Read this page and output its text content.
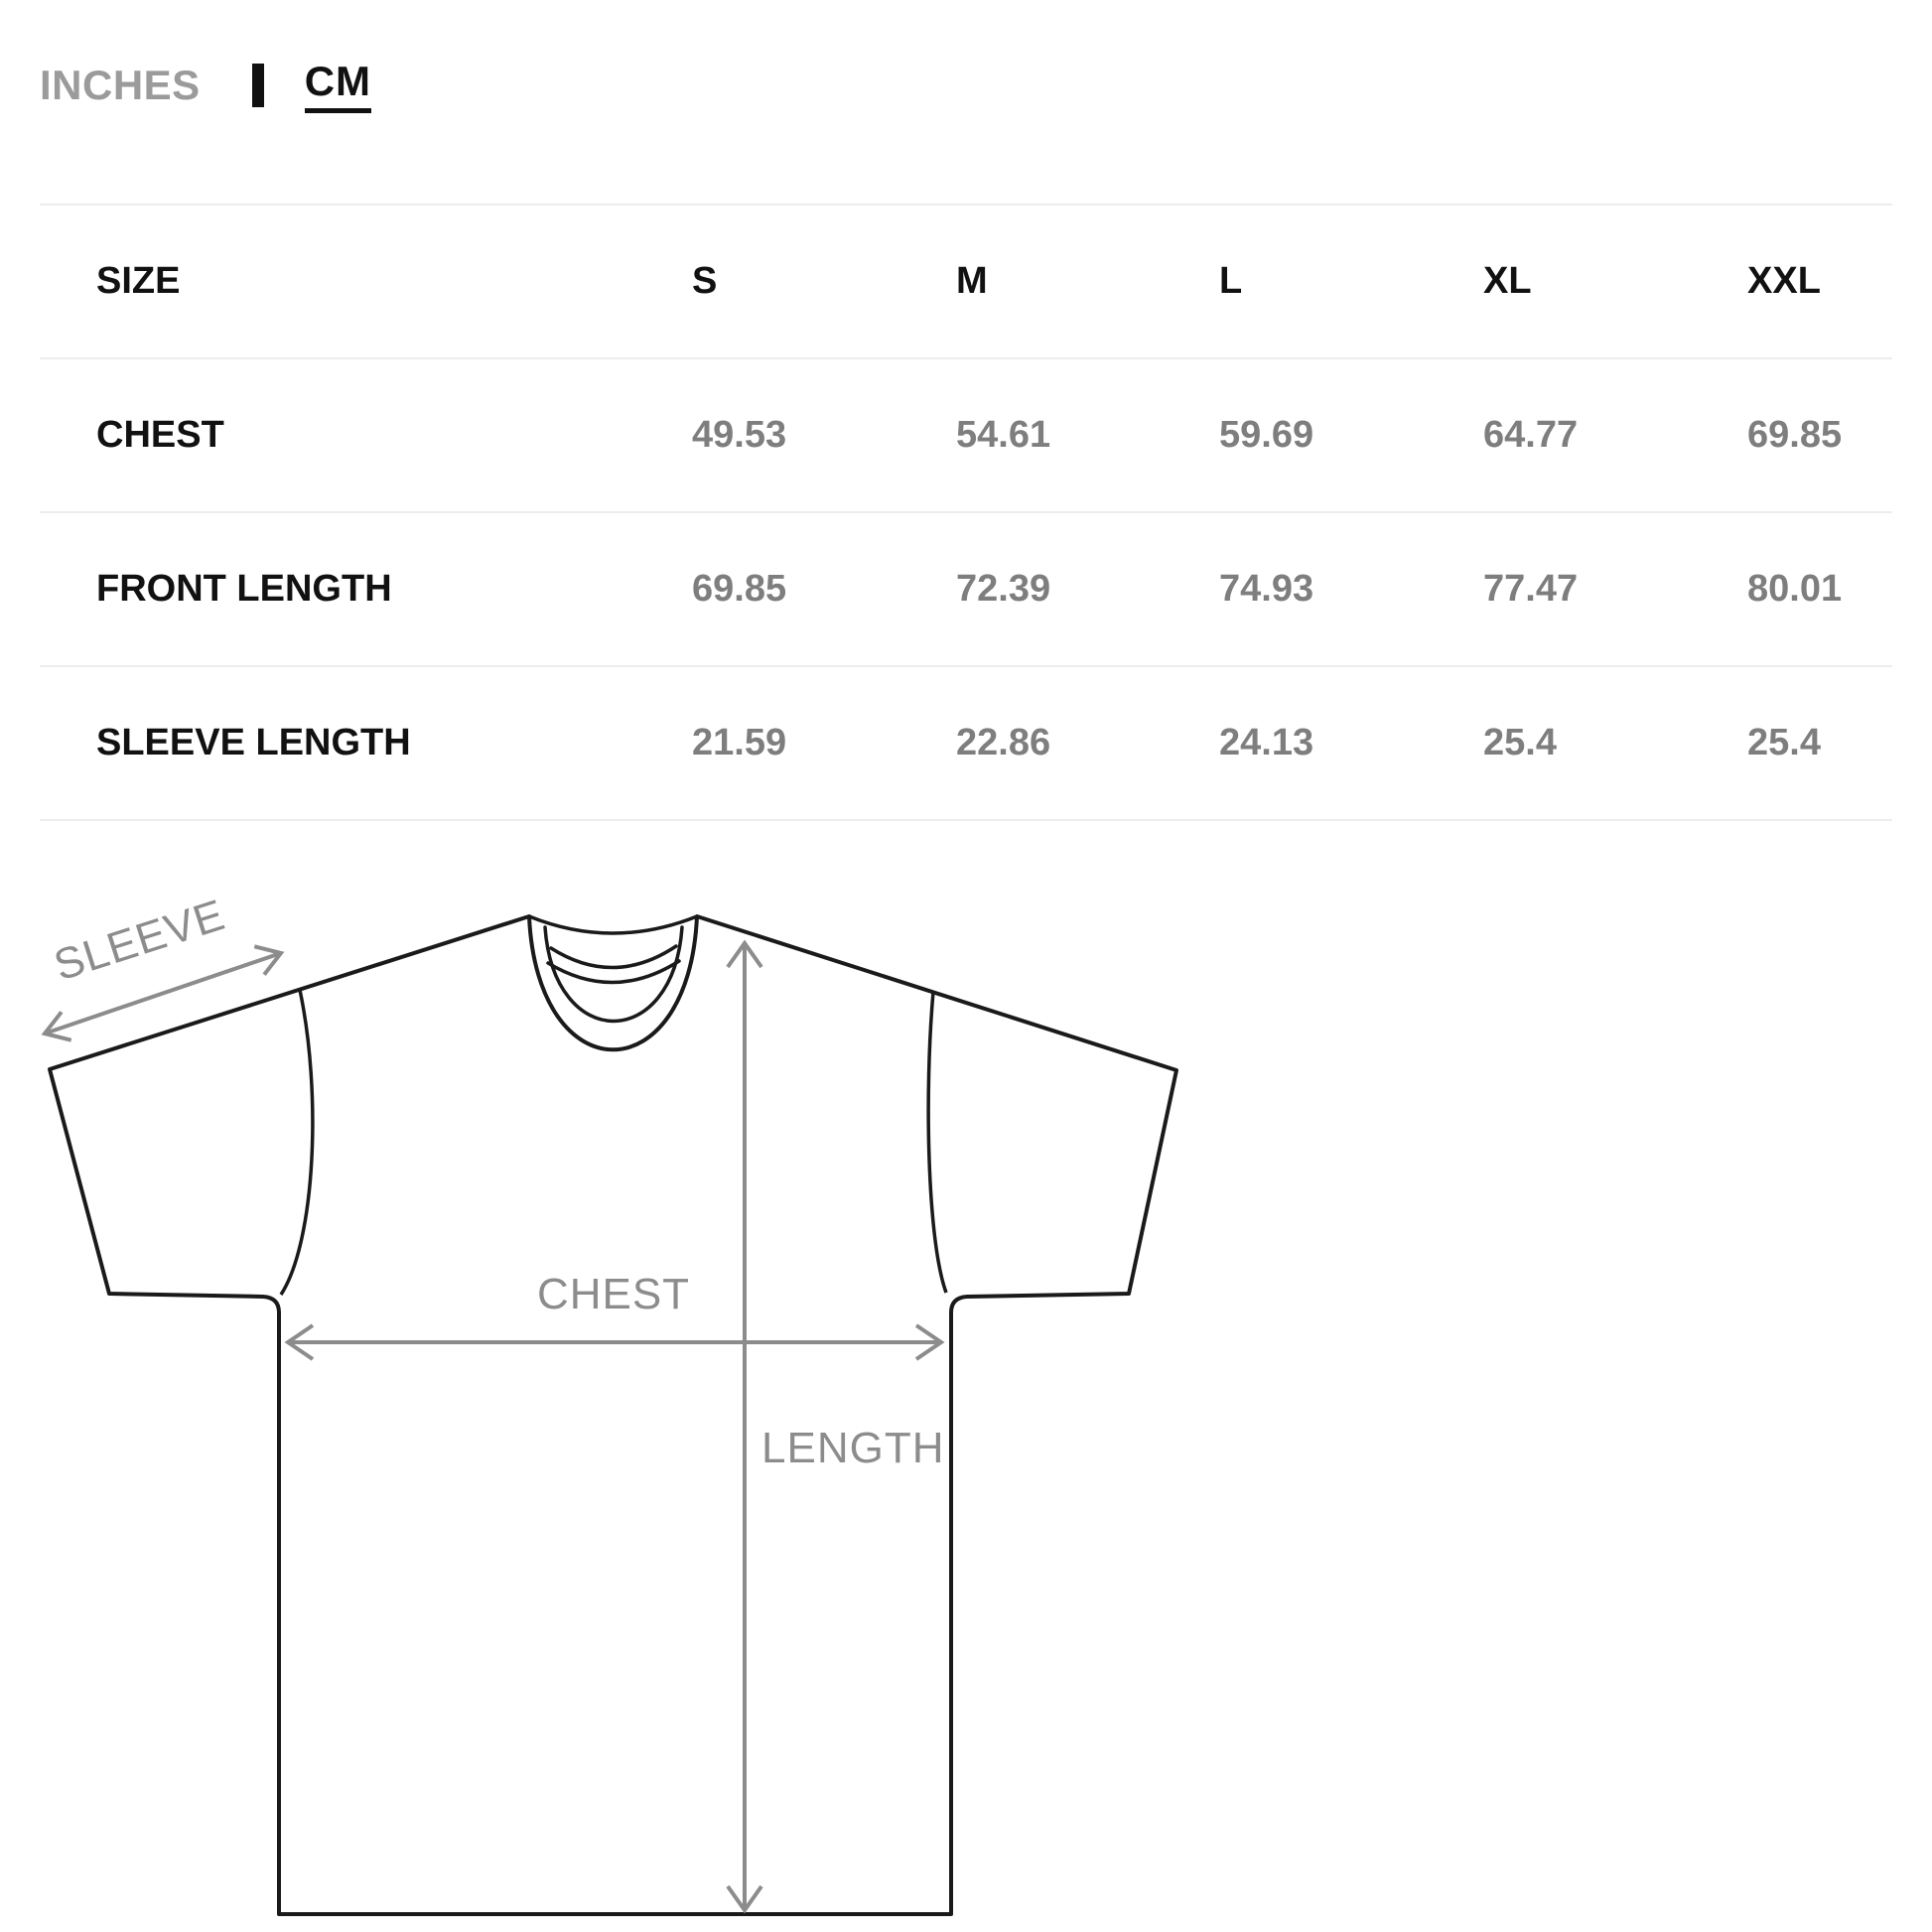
INCHES	CM
SIZE	S	M	L	XL	XXL
CHEST	49.53	54.61	59.69	64.77	69.85
FRONT LENGTH	69.85	72.39	74.93	77.47	80.01
SLEEVE LENGTH	21.59	22.86	24.13	25.4	25.4
SLEEVE
CHEST
LENGTH
